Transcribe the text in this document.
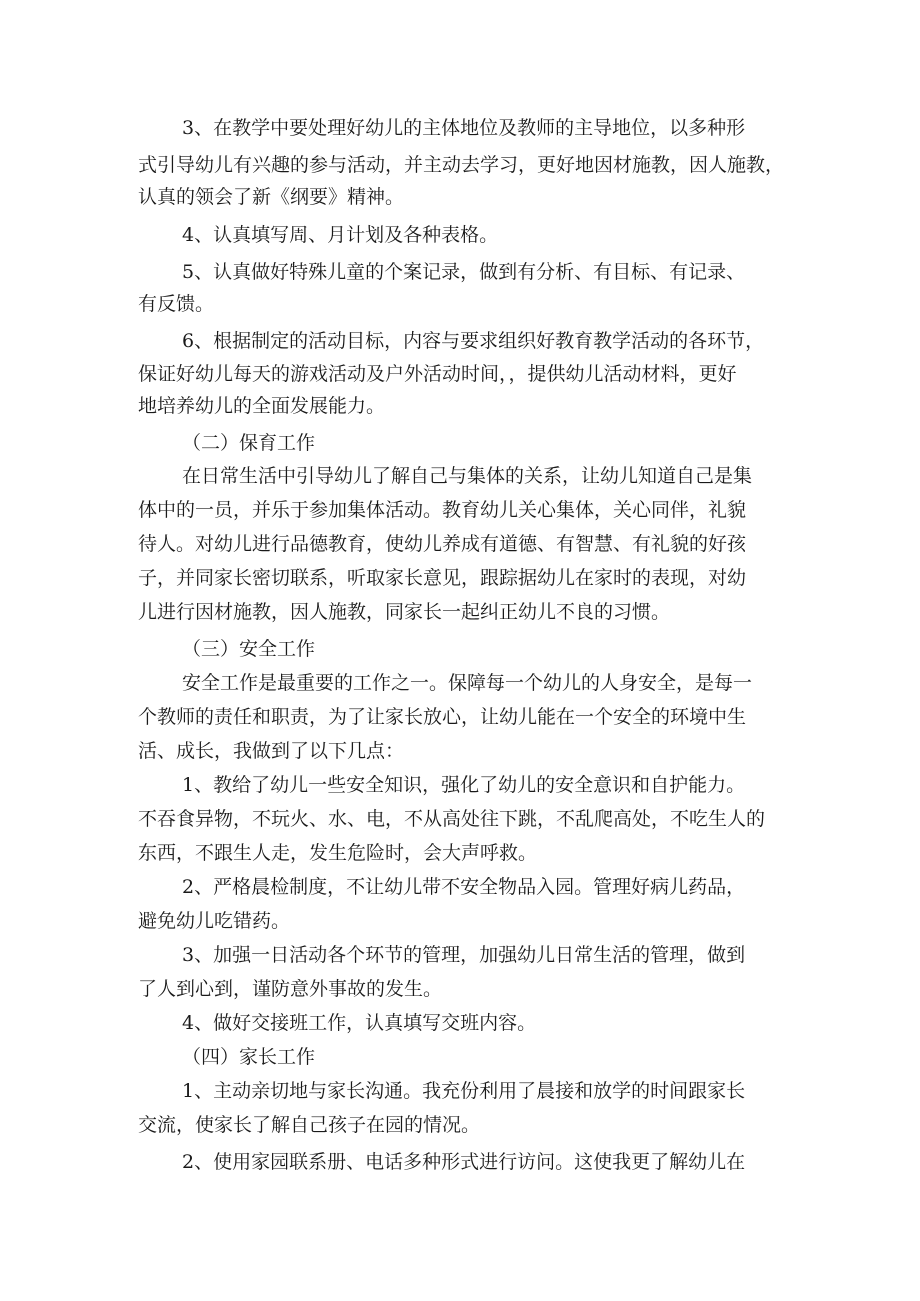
3、在教学中要处理好幼儿的主体地位及教师的主导地位，以多种形
式引导幼儿有兴趣的参与活动，并主动去学习，更好地因材施教，因人施教，
认真的领会了新《纲要》精神。
4、认真填写周、月计划及各种表格。
5、认真做好特殊儿童的个案记录，做到有分析、有目标、有记录、
有反馈。
6、根据制定的活动目标，内容与要求组织好教育教学活动的各环节，
保证好幼儿每天的游戏活动及户外活动时间，，提供幼儿活动材料，更好
地培养幼儿的全面发展能力。
（二）保育工作
在日常生活中引导幼儿了解自己与集体的关系，让幼儿知道自己是集
体中的一员，并乐于参加集体活动。教育幼儿关心集体，关心同伴，礼貌
待人。对幼儿进行品德教育，使幼儿养成有道德、有智慧、有礼貌的好孩
子，并同家长密切联系，听取家长意见，跟踪据幼儿在家时的表现，对幼
儿进行因材施教，因人施教，同家长一起纠正幼儿不良的习惯。
（三）安全工作
安全工作是最重要的工作之一。保障每一个幼儿的人身安全，是每一
个教师的责任和职责，为了让家长放心，让幼儿能在一个安全的环境中生
活、成长，我做到了以下几点：
1、教给了幼儿一些安全知识，强化了幼儿的安全意识和自护能力。
不吞食异物，不玩火、水、电，不从高处往下跳，不乱爬高处，不吃生人的
东西，不跟生人走，发生危险时，会大声呼救。
2、严格晨检制度，不让幼儿带不安全物品入园。管理好病儿药品，
避免幼儿吃错药。
3、加强一日活动各个环节的管理，加强幼儿日常生活的管理，做到
了人到心到，谨防意外事故的发生。
4、做好交接班工作，认真填写交班内容。
（四）家长工作
1、主动亲切地与家长沟通。我充份利用了晨接和放学的时间跟家长
交流，使家长了解自己孩子在园的情况。
2、使用家园联系册、电话多种形式进行访问。这使我更了解幼儿在
